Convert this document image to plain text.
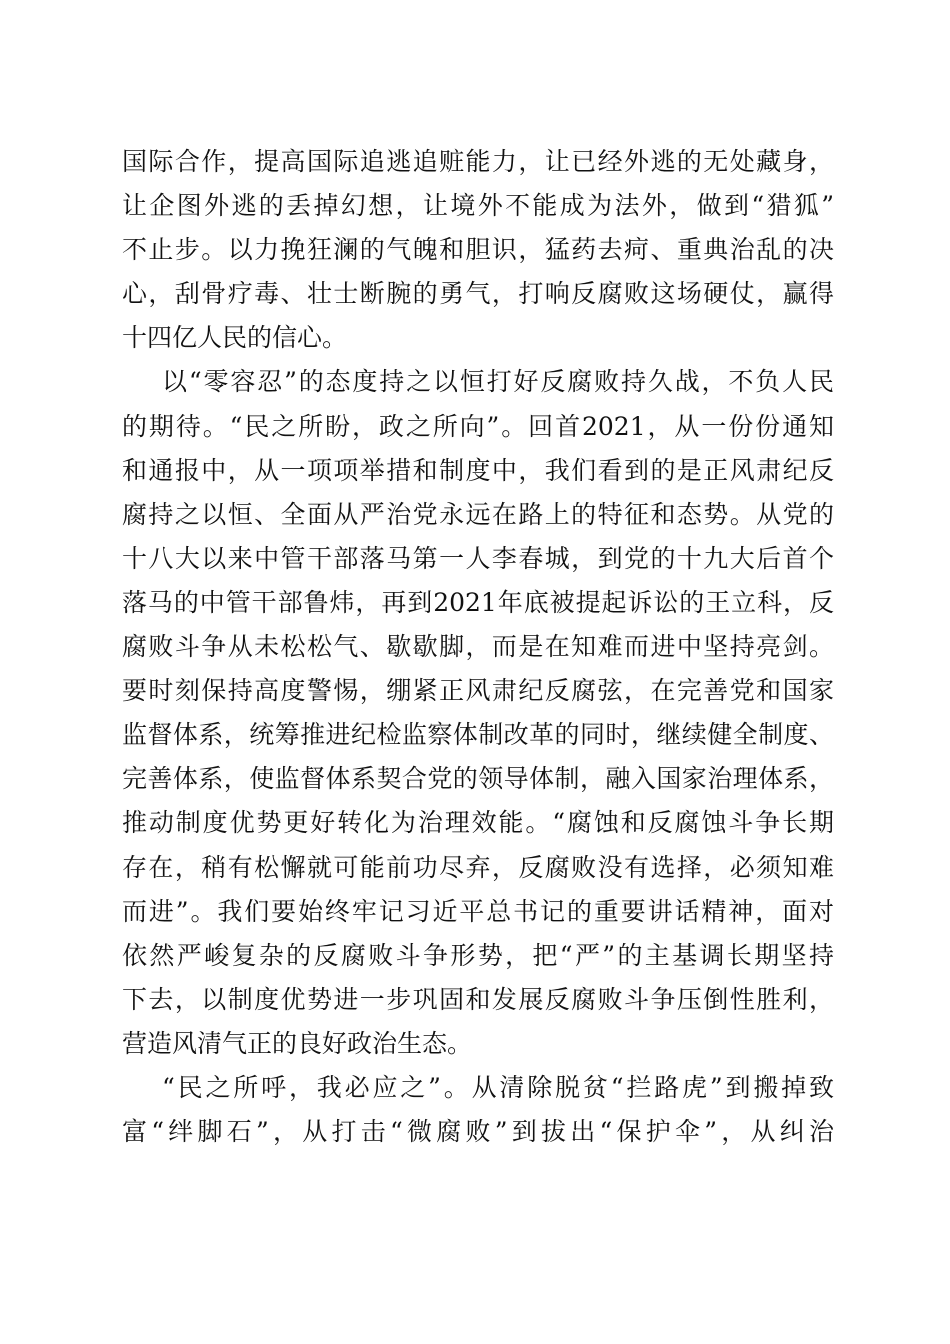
国际合作，提高国际追逃追赃能力，让已经外逃的无处藏身，
让企图外逃的丢掉幻想，让境外不能成为法外，做到“猎狐”
不止步。以力挽狂澜的气魄和胆识，猛药去疴、重典治乱的决
心，刮骨疗毒、壮士断腕的勇气，打响反腐败这场硬仗，赢得
十四亿人民的信心。
以“零容忍”的态度持之以恒打好反腐败持久战，不负人民
的期待。“民之所盼，政之所向”。回首2021，从一份份通知
和通报中，从一项项举措和制度中，我们看到的是正风肃纪反
腐持之以恒、全面从严治党永远在路上的特征和态势。从党的
十八大以来中管干部落马第一人李春城，到党的十九大后首个
落马的中管干部鲁炜，再到2021年底被提起诉讼的王立科，反
腐败斗争从未松松气、歇歇脚，而是在知难而进中坚持亮剑。
要时刻保持高度警惕，绷紧正风肃纪反腐弦，在完善党和国家
监督体系，统筹推进纪检监察体制改革的同时，继续健全制度、
完善体系，使监督体系契合党的领导体制，融入国家治理体系，
推动制度优势更好转化为治理效能。“腐蚀和反腐蚀斗争长期
存在，稍有松懈就可能前功尽弃，反腐败没有选择，必须知难
而进”。我们要始终牢记习近平总书记的重要讲话精神，面对
依然严峻复杂的反腐败斗争形势，把“严”的主基调长期坚持
下去，以制度优势进一步巩固和发展反腐败斗争压倒性胜利，
营造风清气正的良好政治生态。
“民之所呼，我必应之”。从清除脱贫“拦路虎”到搬掉致
富“绊脚石”，从打击“微腐败”到拔出“保护伞”，从纠治
